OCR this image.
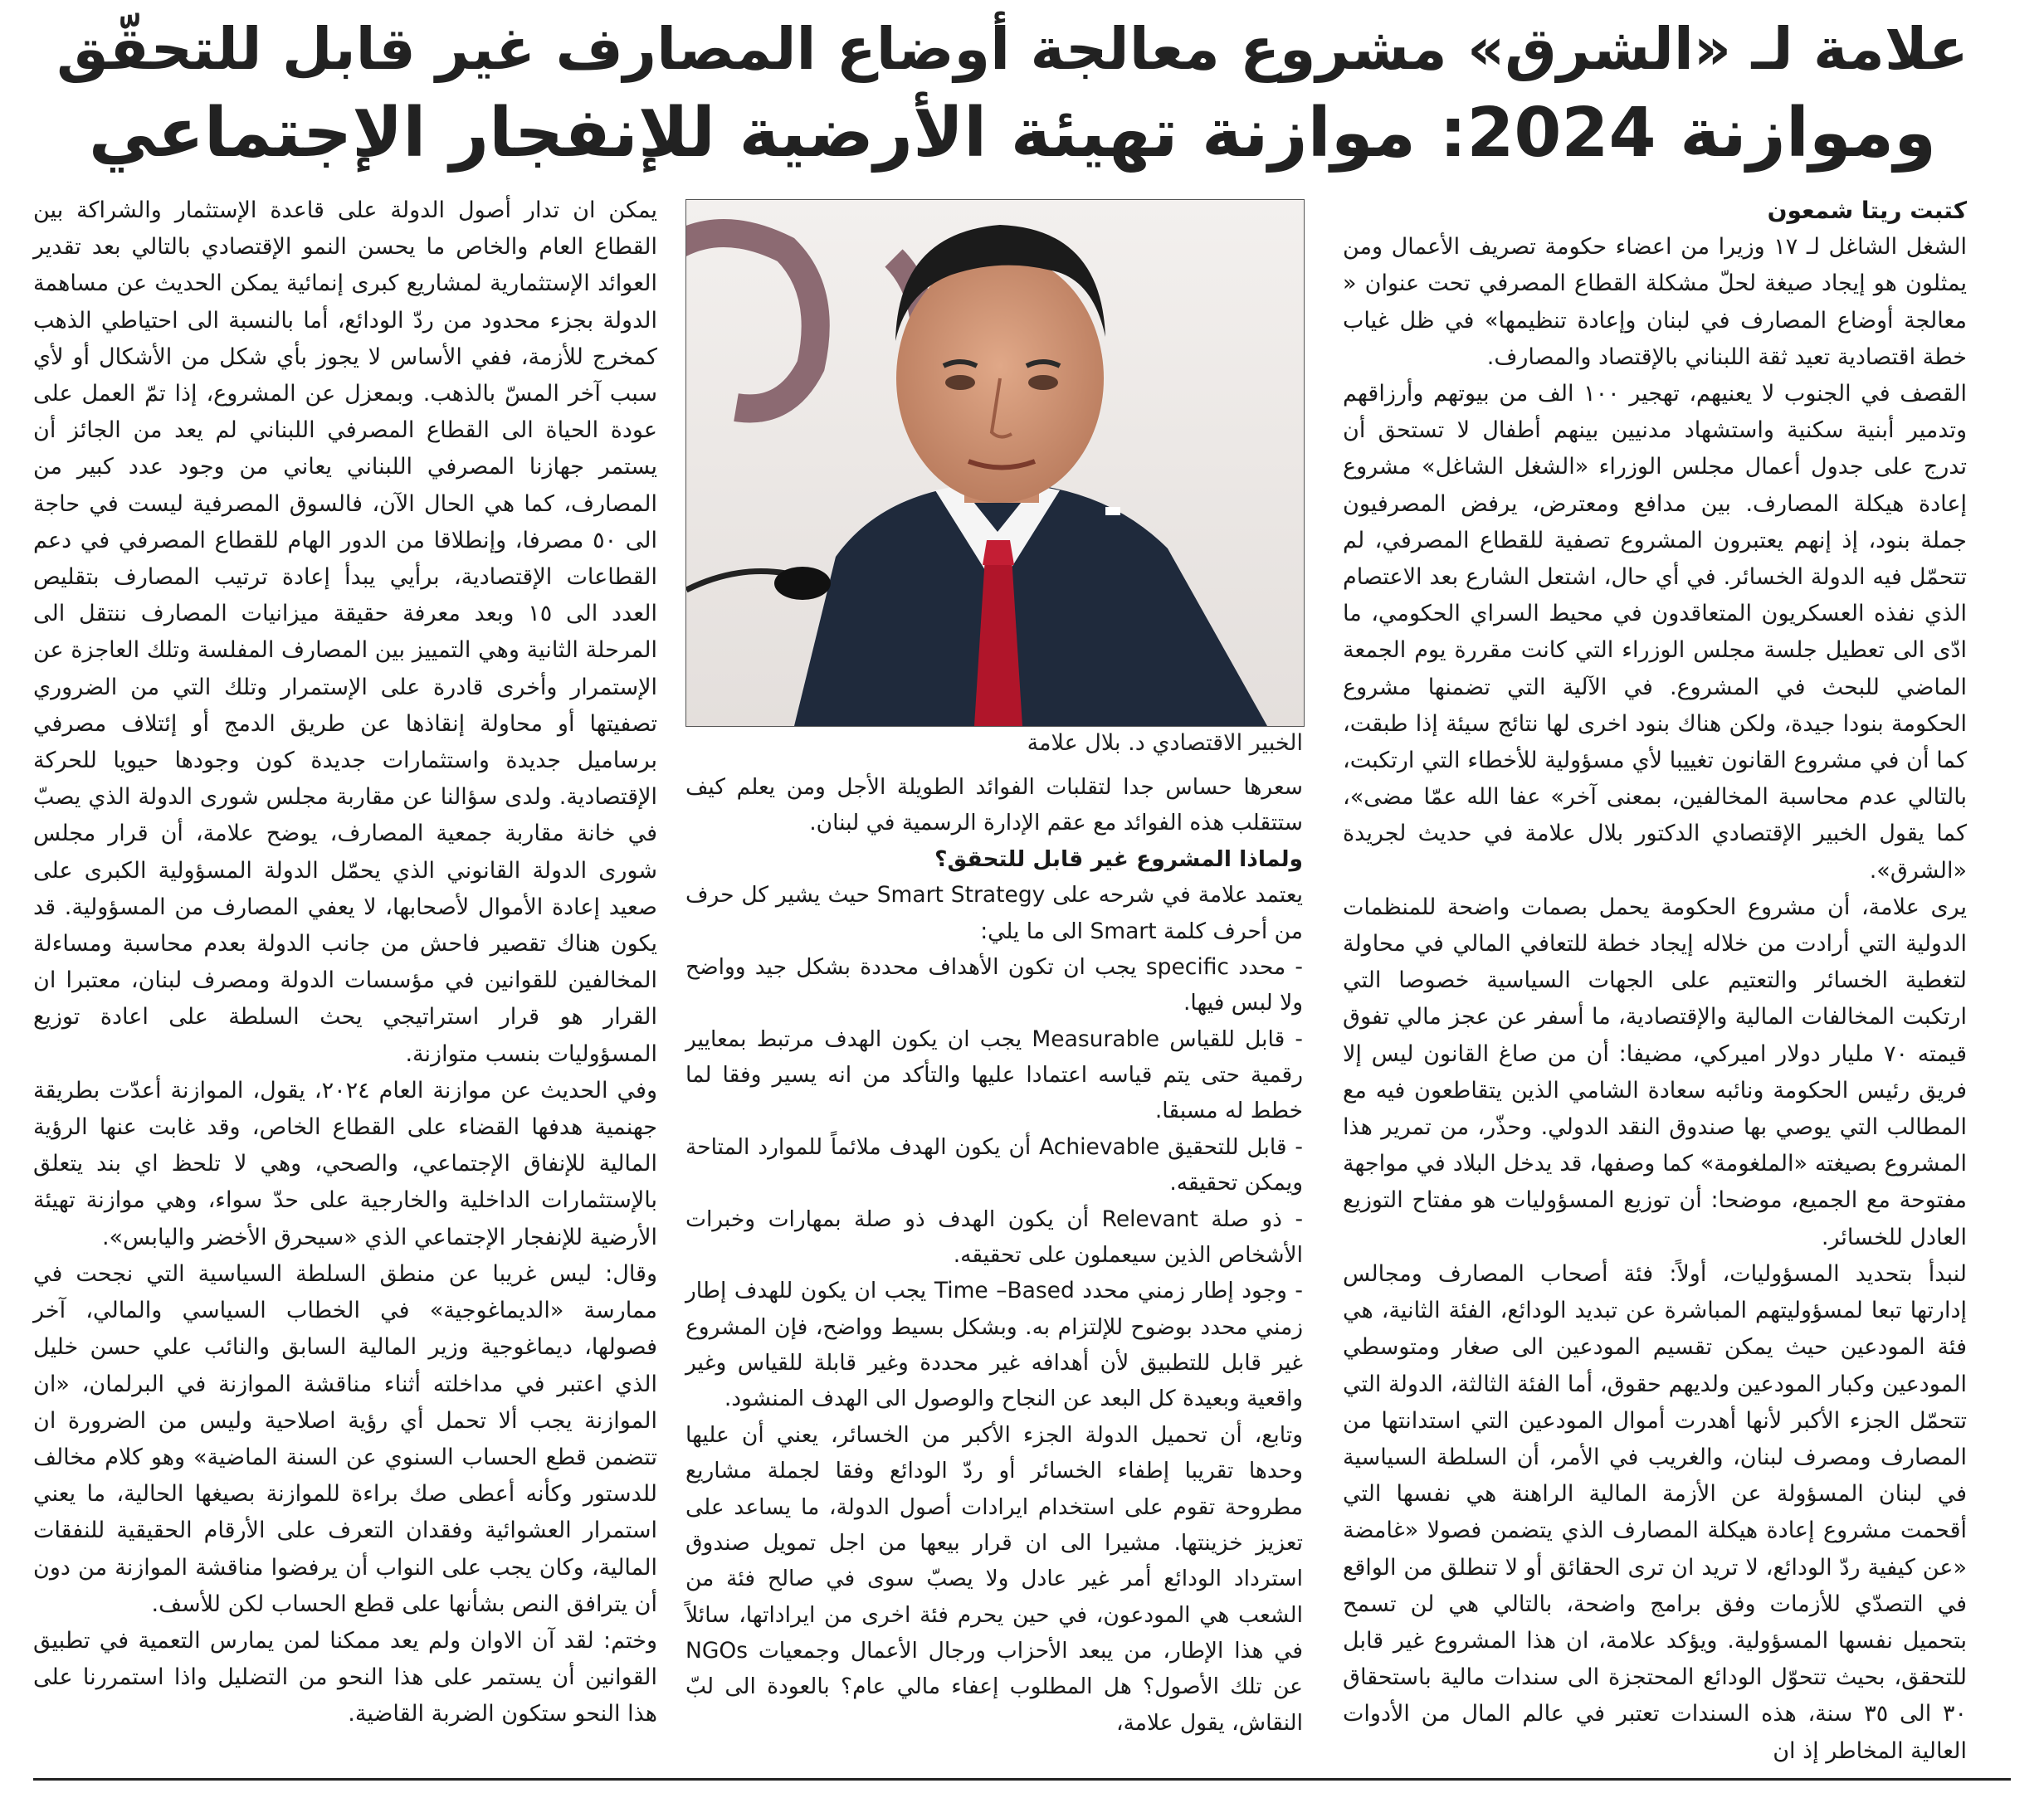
علامة لـ «الشرق» مشروع معالجة أوضاع المصارف غير قابل للتحقّق
وموازنة 2024: موازنة تهيئة الأرضية للإنفجار الإجتماعي

كتبت ريتا شمعون

الشغل الشاغل لـ ١٧ وزيرا من اعضاء حكومة تصريف الأعمال ومن يمثلون هو إيجاد صيغة لحلّ مشكلة القطاع المصرفي تحت عنوان « معالجة أوضاع المصارف في لبنان وإعادة تنظيمها» في ظل غياب خطة اقتصادية تعيد ثقة اللبناني بالإقتصاد والمصارف.

القصف في الجنوب لا يعنيهم، تهجير ١٠٠ الف من بيوتهم وأرزاقهم وتدمير أبنية سكنية واستشهاد مدنيين بينهم أطفال لا تستحق أن تدرج على جدول أعمال مجلس الوزراء «الشغل الشاغل» مشروع إعادة هيكلة المصارف. بين مدافع ومعترض، يرفض المصرفيون جملة بنود، إذ إنهم يعتبرون المشروع تصفية للقطاع المصرفي، لم تتحمّل فيه الدولة الخسائر. في أي حال، اشتعل الشارع بعد الاعتصام الذي نفذه العسكريون المتعاقدون في محيط السراي الحكومي، ما ادّى الى تعطيل جلسة مجلس الوزراء التي كانت مقررة يوم الجمعة الماضي للبحث في المشروع. في الآلية التي تضمنها مشروع الحكومة بنودا جيدة، ولكن هناك بنود اخرى لها نتائج سيئة إذا طبقت، كما أن في مشروع القانون تغييبا لأي مسؤولية للأخطاء التي ارتكبت، بالتالي عدم محاسبة المخالفين، بمعنى آخر» عفا الله عمّا مضى»، كما يقول الخبير الإقتصادي الدكتور بلال علامة في حديث لجريدة «الشرق».

يرى علامة، أن مشروع الحكومة يحمل بصمات واضحة للمنظمات الدولية التي أرادت من خلاله إيجاد خطة للتعافي المالي في محاولة لتغطية الخسائر والتعتيم على الجهات السياسية خصوصا التي ارتكبت المخالفات المالية والإقتصادية، ما أسفر عن عجز مالي تفوق قيمته ٧٠ مليار دولار اميركي، مضيفا: أن من صاغ القانون ليس إلا فريق رئيس الحكومة ونائبه سعادة الشامي الذين يتقاطعون فيه مع المطالب التي يوصي بها صندوق النقد الدولي. وحذّر، من تمرير هذا المشروع بصيغته «الملغومة» كما وصفها، قد يدخل البلاد في مواجهة مفتوحة مع الجميع، موضحا: أن توزيع المسؤوليات هو مفتاح التوزيع العادل للخسائر.

لنبدأ بتحديد المسؤوليات، أولاً: فئة أصحاب المصارف ومجالس إدارتها تبعا لمسؤوليتهم المباشرة عن تبديد الودائع، الفئة الثانية، هي فئة المودعين حيث يمكن تقسيم المودعين الى صغار ومتوسطي المودعين وكبار المودعين ولديهم حقوق، أما الفئة الثالثة، الدولة التي تتحمّل الجزء الأكبر لأنها أهدرت أموال المودعين التي استدانتها من المصارف ومصرف لبنان، والغريب في الأمر، أن السلطة السياسية في لبنان المسؤولة عن الأزمة المالية الراهنة هي نفسها التي أقحمت مشروع إعادة هيكلة المصارف الذي يتضمن فصولا «غامضة «عن كيفية ردّ الودائع، لا تريد ان ترى الحقائق أو لا تنطلق من الواقع في التصدّي للأزمات وفق برامج واضحة، بالتالي هي لن تسمح بتحميل نفسها المسؤولية. ويؤكد علامة، ان هذا المشروع غير قابل للتحقق، بحيث تتحوّل الودائع المحتجزة الى سندات مالية باستحقاق ٣٠ الى ٣٥ سنة، هذه السندات تعتبر في عالم المال من الأدوات العالية المخاطر إذ ان

الخبير الاقتصادي د. بلال علامة

سعرها حساس جدا لتقلبات الفوائد الطويلة الأجل ومن يعلم كيف ستتقلب هذه الفوائد مع عقم الإدارة الرسمية في لبنان.

ولماذا المشروع غير قابل للتحقق؟

يعتمد علامة في شرحه على Smart Strategy حيث يشير كل حرف من أحرف كلمة Smart الى ما يلي:

- محدد specific يجب ان تكون الأهداف محددة بشكل جيد وواضح ولا لبس فيها.

- قابل للقياس Measurable يجب ان يكون الهدف مرتبط بمعايير رقمية حتى يتم قياسه اعتمادا عليها والتأكد من انه يسير وفقا لما خطط له مسبقا.

- قابل للتحقيق Achievable أن يكون الهدف ملائماً للموارد المتاحة ويمكن تحقيقه.

- ذو صلة Relevant أن يكون الهدف ذو صلة بمهارات وخبرات الأشخاص الذين سيعملون على تحقيقه.

- وجود إطار زمني محدد Time –Based يجب ان يكون للهدف إطار زمني محدد بوضوح للإلتزام به. وبشكل بسيط وواضح، فإن المشروع غير قابل للتطبيق لأن أهدافه غير محددة وغير قابلة للقياس وغير واقعية وبعيدة كل البعد عن النجاح والوصول الى الهدف المنشود.

وتابع، أن تحميل الدولة الجزء الأكبر من الخسائر، يعني أن عليها وحدها تقريبا إطفاء الخسائر أو ردّ الودائع وفقا لجملة مشاريع مطروحة تقوم على استخدام ايرادات أصول الدولة، ما يساعد على تعزيز خزينتها. مشيرا الى ان قرار بيعها من اجل تمويل صندوق استرداد الودائع أمر غير عادل ولا يصبّ سوى في صالح فئة من الشعب هي المودعون، في حين يحرم فئة اخرى من ايراداتها، سائلاً في هذا الإطار، من يبعد الأحزاب ورجال الأعمال وجمعيات NGOs عن تلك الأصول؟ هل المطلوب إعفاء مالي عام؟ بالعودة الى لبّ النقاش، يقول علامة،

يمكن ان تدار أصول الدولة على قاعدة الإستثمار والشراكة بين القطاع العام والخاص ما يحسن النمو الإقتصادي بالتالي بعد تقدير العوائد الإستثمارية لمشاريع كبرى إنمائية يمكن الحديث عن مساهمة الدولة بجزء محدود من ردّ الودائع، أما بالنسبة الى احتياطي الذهب كمخرج للأزمة، ففي الأساس لا يجوز بأي شكل من الأشكال أو لأي سبب آخر المسّ بالذهب. وبمعزل عن المشروع، إذا تمّ العمل على عودة الحياة الى القطاع المصرفي اللبناني لم يعد من الجائز أن يستمر جهازنا المصرفي اللبناني يعاني من وجود عدد كبير من المصارف، كما هي الحال الآن، فالسوق المصرفية ليست في حاجة الى ٥٠ مصرفا، وإنطلاقا من الدور الهام للقطاع المصرفي في دعم القطاعات الإقتصادية، برأيي يبدأ إعادة ترتيب المصارف بتقليص العدد الى ١٥ وبعد معرفة حقيقة ميزانيات المصارف ننتقل الى المرحلة الثانية وهي التمييز بين المصارف المفلسة وتلك العاجزة عن الإستمرار وأخرى قادرة على الإستمرار وتلك التي من الضروري تصفيتها أو محاولة إنقاذها عن طريق الدمج أو إئتلاف مصرفي برساميل جديدة واستثمارات جديدة كون وجودها حيويا للحركة الإقتصادية. ولدى سؤالنا عن مقاربة مجلس شورى الدولة الذي يصبّ في خانة مقاربة جمعية المصارف، يوضح علامة، أن قرار مجلس شورى الدولة القانوني الذي يحمّل الدولة المسؤولية الكبرى على صعيد إعادة الأموال لأصحابها، لا يعفي المصارف من المسؤولية. قد يكون هناك تقصير فاحش من جانب الدولة بعدم محاسبة ومساءلة المخالفين للقوانين في مؤسسات الدولة ومصرف لبنان، معتبرا ان القرار هو قرار استراتيجي يحث السلطة على اعادة توزيع المسؤوليات بنسب متوازنة.

وفي الحديث عن موازنة العام ٢٠٢٤، يقول، الموازنة أعدّت بطريقة جهنمية هدفها القضاء على القطاع الخاص، وقد غابت عنها الرؤية المالية للإنفاق الإجتماعي، والصحي، وهي لا تلحظ اي بند يتعلق بالإستثمارات الداخلية والخارجية على حدّ سواء، وهي موازنة تهيئة الأرضية للإنفجار الإجتماعي الذي «سيحرق الأخضر واليابس».

وقال: ليس غريبا عن منطق السلطة السياسية التي نجحت في ممارسة «الديماغوجية» في الخطاب السياسي والمالي، آخر فصولها، ديماغوجية وزير المالية السابق والنائب علي حسن خليل الذي اعتبر في مداخلته أثناء مناقشة الموازنة في البرلمان، «ان الموازنة يجب ألا تحمل أي رؤية اصلاحية وليس من الضرورة ان تتضمن قطع الحساب السنوي عن السنة الماضية» وهو كلام مخالف للدستور وكأنه أعطى صك براءة للموازنة بصيغها الحالية، ما يعني استمرار العشوائية وفقدان التعرف على الأرقام الحقيقية للنفقات المالية، وكان يجب على النواب أن يرفضوا مناقشة الموازنة من دون أن يترافق النص بشأنها على قطع الحساب لكن للأسف.

وختم: لقد آن الاوان ولم يعد ممكنا لمن يمارس التعمية في تطبيق القوانين أن يستمر على هذا النحو من التضليل واذا استمررنا على هذا النحو ستكون الضربة القاضية.
